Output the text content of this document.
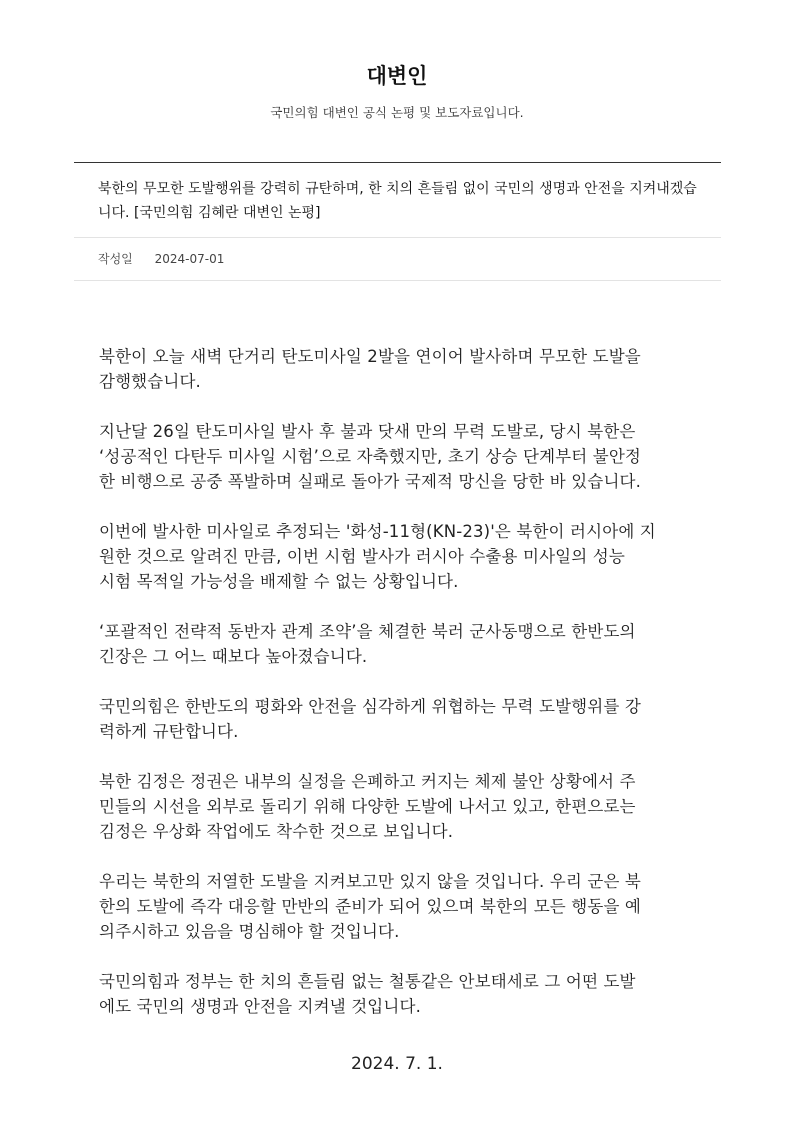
대변인
국민의힘 대변인 공식 논평 및 보도자료입니다.
북한의 무모한 도발행위를 강력히 규탄하며, 한 치의 흔들림 없이 국민의 생명과 안전을 지켜내겠습니다. [국민의힘 김혜란 대변인 논평]
작성일 2024-07-01

북한이 오늘 새벽 단거리 탄도미사일 2발을 연이어 발사하며 무모한 도발을
감행했습니다.

지난달 26일 탄도미사일 발사 후 불과 닷새 만의 무력 도발로, 당시 북한은
‘성공적인 다탄두 미사일 시험’으로 자축했지만, 초기 상승 단계부터 불안정
한 비행으로 공중 폭발하며 실패로 돌아가 국제적 망신을 당한 바 있습니다.

이번에 발사한 미사일로 추정되는 '화성-11형(KN-23)'은 북한이 러시아에 지
원한 것으로 알려진 만큼, 이번 시험 발사가 러시아 수출용 미사일의 성능
시험 목적일 가능성을 배제할 수 없는 상황입니다.

‘포괄적인 전략적 동반자 관계 조약’을 체결한 북러 군사동맹으로 한반도의
긴장은 그 어느 때보다 높아졌습니다.

국민의힘은 한반도의 평화와 안전을 심각하게 위협하는 무력 도발행위를 강
력하게 규탄합니다.

북한 김정은 정권은 내부의 실정을 은폐하고 커지는 체제 불안 상황에서 주
민들의 시선을 외부로 돌리기 위해 다양한 도발에 나서고 있고, 한편으로는
김정은 우상화 작업에도 착수한 것으로 보입니다.

우리는 북한의 저열한 도발을 지켜보고만 있지 않을 것입니다. 우리 군은 북
한의 도발에 즉각 대응할 만반의 준비가 되어 있으며 북한의 모든 행동을 예
의주시하고 있음을 명심해야 할 것입니다.

국민의힘과 정부는 한 치의 흔들림 없는 철통같은 안보태세로 그 어떤 도발
에도 국민의 생명과 안전을 지켜낼 것입니다.

2024. 7. 1.
